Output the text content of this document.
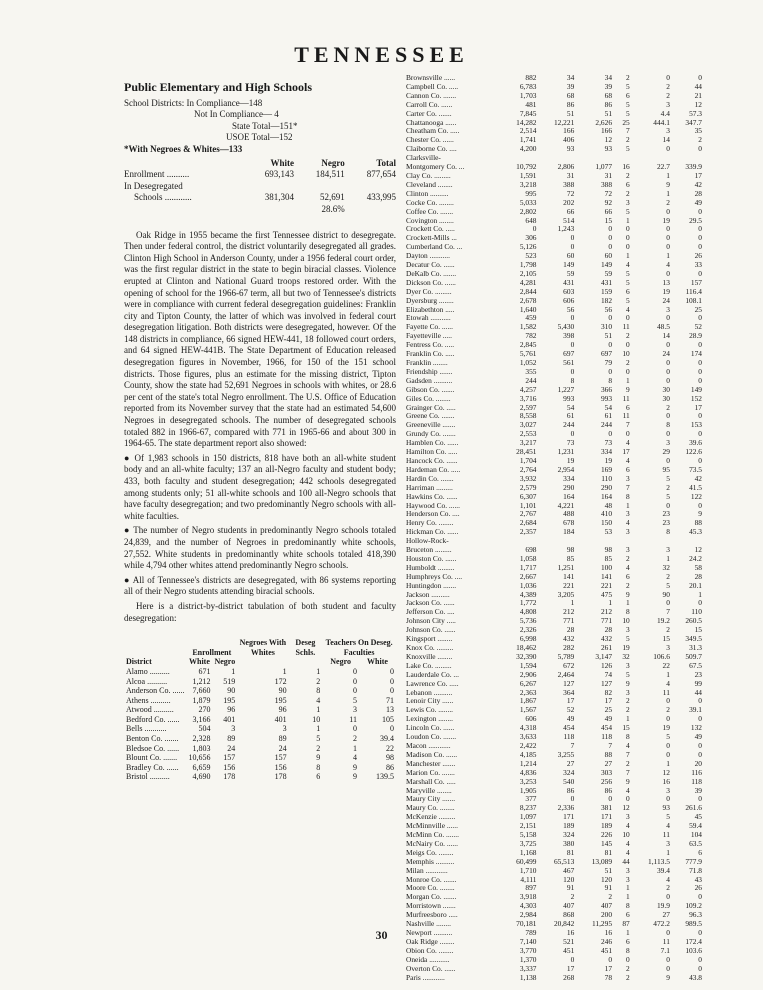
TENNESSEE
Public Elementary and High Schools
School Districts: In Compliance—148
Not In Compliance— 4
State Total—151*
USOE Total—152
*With Negroes & Whites—133
	White	Negro	Total
Enrollment ..........	693,143	184,511	877,654
In Desegregated			
Schools ............	381,304	52,691	433,995
		28.6%	

Oak Ridge in 1955 became the first Tennessee district to desegregate. Then under federal control, the district voluntarily desegregated all grades. Clinton High School in Anderson County, under a 1956 federal court order, was the first regular district in the state to begin biracial classes. Violence erupted at Clinton and National Guard troops restored order. With the opening of school for the 1966-67 term, all but two of Tennessee's districts were in compliance with current federal desegregation guidelines: Franklin city and Tipton County, the latter of which was involved in federal court desegregation litigation. Both districts were desegregated, however. Of the 148 districts in compliance, 66 signed HEW-441, 18 followed court orders, and 64 signed HEW-441B. The State Department of Education released desegregation figures in November, 1966, for 150 of the 151 school districts. Those figures, plus an estimate for the missing district, Tipton County, show the state had 52,691 Negroes in schools with whites, or 28.6 per cent of the state's total Negro enrollment. The U.S. Office of Education reported from its November survey that the state had an estimated 54,600 Negroes in desegregated schools. The number of desegregated schools totaled 882 in 1966-67, compared with 771 in 1965-66 and about 300 in 1964-65. The state department report also showed:

● Of 1,983 schools in 150 districts, 818 have both an all-white student body and an all-white faculty; 137 an all-Negro faculty and student body; 433, both faculty and student desegregation; 442 schools desegregated among students only; 51 all-white schools and 100 all-Negro schools that have faculty desegregation; and two predominantly Negro schools with all-white faculties.

● The number of Negro students in predominantly Negro schools totaled 24,839, and the number of Negroes in predominantly white schools, 27,552. White students in predominantly white schools totaled 418,390 while 4,794 other whites attend predominantly Negro schools.

● All of Tennessee's districts are desegregated, with 86 systems reporting all of their Negro students attending biracial schools.

Here is a district-by-district tabulation of both student and faculty desegregation:

	Enrollment		Negroes With Whites	Deseg Schls.	Teachers On Deseg. Faculties	
District	White	Negro			Negro	White
Alamo ..........	671	1	1	1	0	0
Alcoa ..........	1,212	519	172	2	0	0
Anderson Co. ......	7,660	90	90	8	0	0
Athens ..........	1,879	195	195	4	5	71
Atwood ..........	270	96	96	1	3	13
Bedford Co. ......	3,166	401	401	10	11	105
Bells ...........	504	3	3	1	0	0
Benton Co. .......	2,328	89	89	5	2	39.4
Bledsoe Co. ......	1,803	24	24	2	1	22
Blount Co. .......	10,656	157	157	9	4	98
Bradley Co. ......	6,659	156	156	8	9	86
Bristol ..........	4,690	178	178	6	9	139.5
Brownsville ......	882	34	34	2	0	0
Campbell Co. .....	6,783	39	39	5	2	44
Cannon Co. .......	1,703	68	68	6	2	21
Carroll Co. ......	481	86	86	5	3	12
Carter Co. .......	7,845	51	51	5	4.4	57.3
Chattanooga ......	14,282	12,221	2,626	25	444.1	347.7
Cheatham Co. .....	2,514	166	166	7	3	35
Chester Co. ......	1,741	406	12	2	14	2
Claiborne Co. ....	4,200	93	93	5	0	0
Clarksville-						
Montgomery Co. ...	10,792	2,806	1,077	16	22.7	339.9
Clay Co. .........	1,591	31	31	2	1	17
Cleveland ........	3,218	388	388	6	9	42
Clinton ..........	995	72	72	2	1	28
Cocke Co. ........	5,033	202	92	3	2	49
Coffee Co. .......	2,802	66	66	5	0	0
Covington ........	648	514	15	1	19	29.5
Crockett Co. .....	0	1,243	0	0	0	0
Crockett-Mills ...	306	0	0	0	0	0
Cumberland Co. ...	5,126	0	0	0	0	0
Dayton ...........	523	60	60	1	1	26
Decatur Co. ......	1,798	149	149	4	4	33
DeKalb Co. .......	2,105	59	59	5	0	0
Dickson Co. ......	4,281	431	431	5	13	157
Dyer Co. .........	2,844	603	159	6	19	116.4
Dyersburg ........	2,678	606	182	5	24	108.1
Elizabethton .....	1,640	56	56	4	3	25
Etowah ...........	459	0	0	0	0	0
Fayette Co. ......	1,582	5,430	310	11	48.5	52
Fayetteville .....	782	398	51	2	14	28.9
Fentress Co. .....	2,845	0	0	0	0	0
Franklin Co. .....	5,761	697	697	10	24	174
Franklin ........	1,052	561	79	2	0	0
Friendship .......	355	0	0	0	0	0
Gadsden ..........	244	8	8	1	0	0
Gibson Co. .......	4,257	1,227	366	9	30	149
Giles Co. ........	3,716	993	993	11	30	152
Grainger Co. .....	2,597	54	54	6	2	17
Greene Co. .......	8,558	61	61	11	0	0
Greeneville .......	3,027	244	244	7	8	153
Grundy Co. .......	2,553	0	0	0	0	0
Hamblen Co. ......	3,217	73	73	4	3	39.6
Hamilton Co. .....	28,451	1,231	334	17	29	122.6
Hancock Co. ......	1,704	19	19	4	0	0
Hardeman Co. .....	2,764	2,954	169	6	95	73.5
Hardin Co. .......	3,932	334	110	3	5	42
Harriman .........	2,579	290	290	7	2	41.5
Hawkins Co. ......	6,307	164	164	8	5	122
Haywood Co. ......	1,101	4,221	48	1	0	0
Henderson Co. ....	2,767	488	410	3	23	9
Henry Co. ........	2,684	678	150	4	23	88
Hickman Co. ......	2,357	184	53	3	8	45.3
Hollow-Rock-						
Bruceton .........	698	98	98	3	3	12
Houston Co. ......	1,058	85	85	2	1	24.2
Humboldt .........	1,717	1,251	100	4	32	58
Humphreys Co. ....	2,667	141	141	6	2	28
Huntingdon .......	1,036	221	221	2	5	20.1
Jackson ..........	4,389	3,205	475	9	90	1
Jackson Co. ......	1,772	1	1	1	0	0
Jefferson Co. ....	4,808	212	212	8	7	110
Johnson City .....	5,736	771	771	10	19.2	260.5
Johnson Co. ......	2,326	28	28	3	2	15
Kingsport ........	6,998	432	432	5	15	349.5
Knox Co. .........	18,462	282	261	19	3	31.3
Knoxville ........	32,390	5,789	3,147	32	106.6	509.7
Lake Co. .........	1,594	672	126	3	22	67.5
Lauderdale Co. ...	2,906	2,464	74	5	1	23
Lawrence Co. .....	6,267	127	127	9	4	99
Lebanon ..........	2,363	364	82	3	11	44
Lenoir City ......	1,867	17	17	2	0	0
Lewis Co. ........	1,567	52	25	2	2	39.1
Lexington ........	606	49	49	1	0	0
Lincoln Co. ......	4,318	454	454	15	19	132
Loudon Co. .......	3,633	118	118	8	5	49
Macon ............	2,422	7	7	4	0	0
Madison Co. ......	4,185	3,255	88	7	0	0
Manchester .......	1,214	27	27	2	1	20
Marion Co. .......	4,836	324	303	7	12	116
Marshall Co. .....	3,253	540	256	9	16	118
Maryville ........	1,905	86	86	4	3	39
Maury City .......	377	0	0	0	0	0
Maury Co. ........	8,237	2,336	381	12	93	261.6
McKenzie .........	1,097	171	171	3	5	45
McMinnville ......	2,151	189	189	4	4	59.4
McMinn Co. .......	5,158	324	226	10	11	104
McNairy Co. ......	3,725	380	145	4	3	63.5
Meigs Co. ........	1,168	81	81	4	1	6
Memphis ..........	60,499	65,513	13,089	44	1,113.5	777.9
Milan ............	1,710	467	51	3	39.4	71.8
Monroe Co. .......	4,111	120	120	3	4	43
Moore Co. ........	897	91	91	1	2	26
Morgan Co. .......	3,918	2	2	1	0	0
Morristown .......	4,303	407	407	8	19.9	109.2
Murfreesboro .....	2,984	868	200	6	27	96.3
Nashville ........	70,181	20,842	11,295	87	472.2	989.5
Newport ..........	789	16	16	1	0	0
Oak Ridge ........	7,140	521	246	6	11	172.4
Obion Co. ........	3,770	451	451	8	7.1	103.6
Oneida ...........	1,370	0	0	0	0	0
Overton Co. ......	3,337	17	17	2	0	0
Paris ............	1,138	268	78	2	9	43.8
30
